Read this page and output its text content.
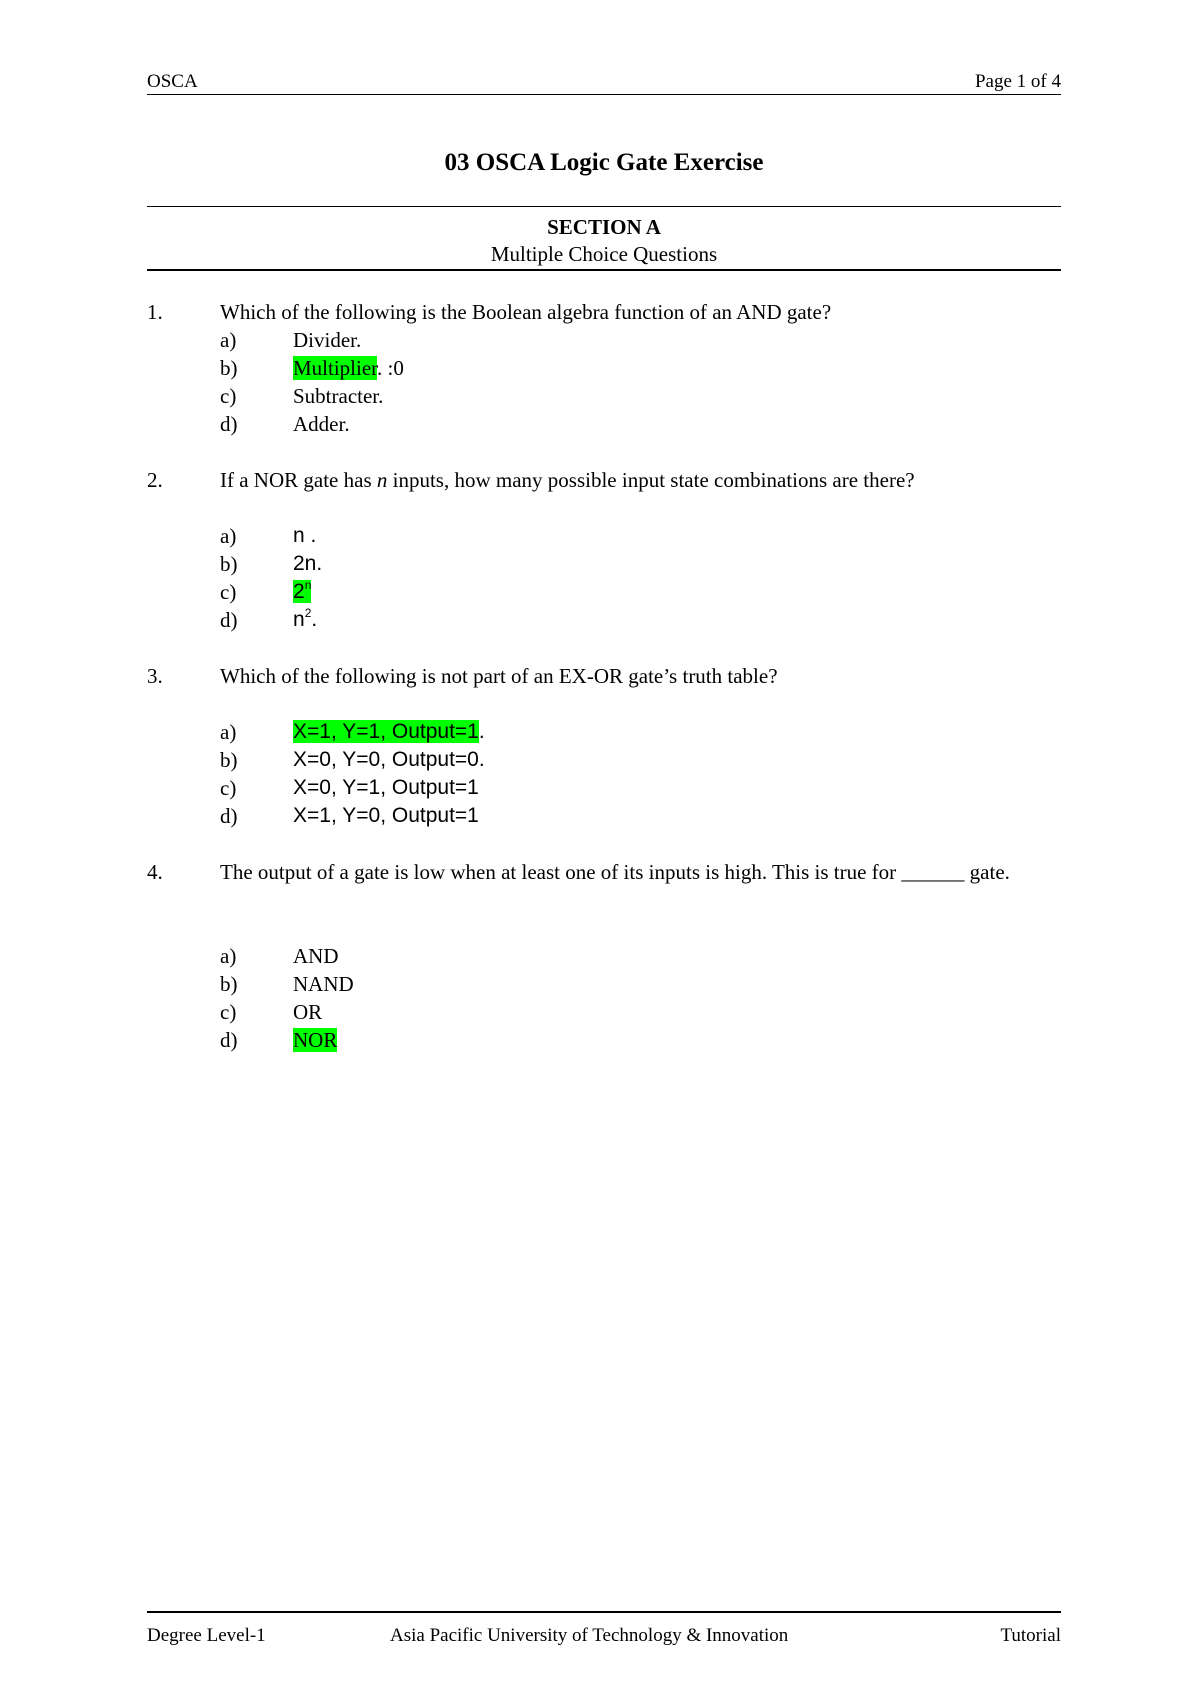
OSCA	Page 1 of 4
03 OSCA Logic Gate Exercise
SECTION A
Multiple Choice Questions
1.	Which of the following is the Boolean algebra function of an AND gate?
a)	Divider.
b)	Multiplier. :0
c)	Subtracter.
d)	Adder.
2.	If a NOR gate has n inputs, how many possible input state combinations are there?
a)	n .
b)	2n.
c)	2$^n$
d)	$n^2$.
3.	Which of the following is not part of an EX-OR gate’s truth table?
a)	X=1, Y=1, Output=1.
b)	X=0, Y=0, Output=0.
c)	X=0, Y=1, Output=1
d)	X=1, Y=0, Output=1
4.	The output of a gate is low when at least one of its inputs is high. This is true for ______ gate.
a)	AND
b)	NAND
c)	OR
d)	NOR
Degree Level-1	Asia Pacific University of Technology & Innovation	Tutorial
